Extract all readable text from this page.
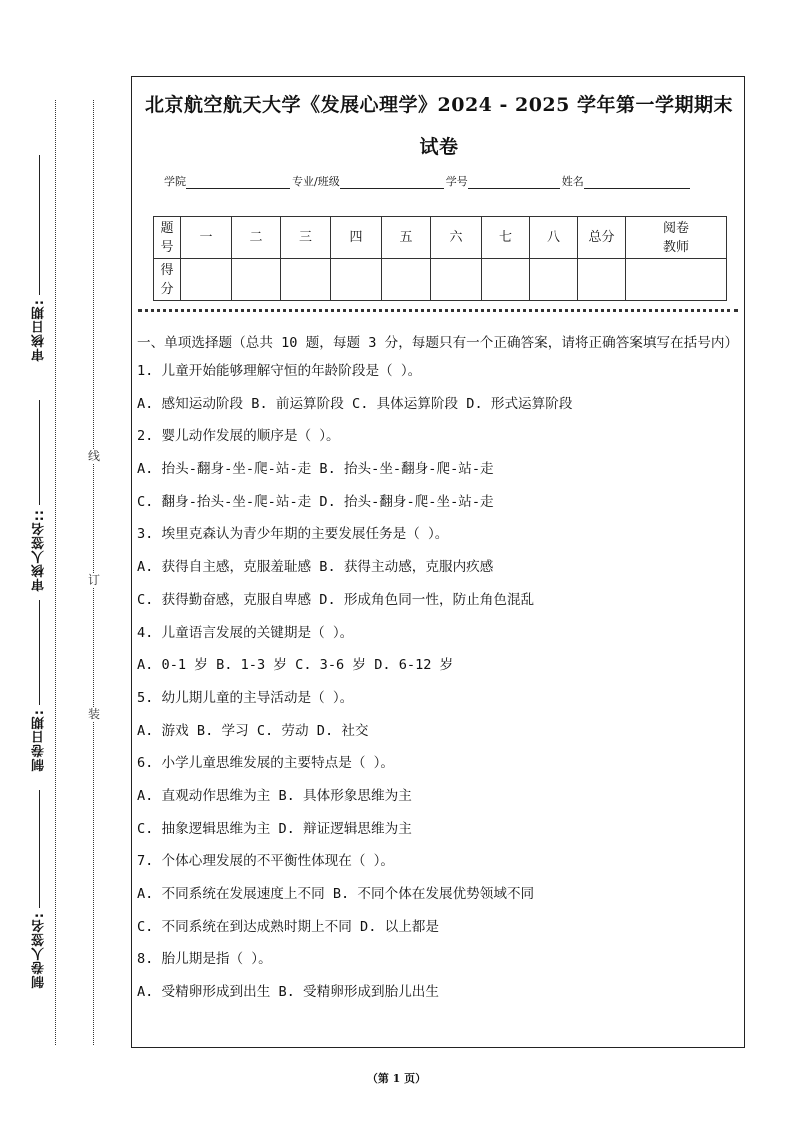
审核日期:
审核人签名::
制卷日期:
制卷人签名:
线
订
装
北京航空航天大学《发展心理学》2024 - 2025 学年第一学期期末
试卷
学院	专业/班级	学号	姓名
题号	一	二	三	四	五	六	七	八	总分	阅卷教师
得分										
一、单项选择题（总共 10 题，每题 3 分，每题只有一个正确答案，请将正确答案填写在括号内）
1. 儿童开始能够理解守恒的年龄阶段是（ ）。
A. 感知运动阶段 B. 前运算阶段 C. 具体运算阶段 D. 形式运算阶段
2. 婴儿动作发展的顺序是（ ）。
A. 抬头-翻身-坐-爬-站-走 B. 抬头-坐-翻身-爬-站-走
C. 翻身-抬头-坐-爬-站-走 D. 抬头-翻身-爬-坐-站-走
3. 埃里克森认为青少年期的主要发展任务是（ ）。
A. 获得自主感，克服羞耻感 B. 获得主动感，克服内疚感
C. 获得勤奋感，克服自卑感 D. 形成角色同一性，防止角色混乱
4. 儿童语言发展的关键期是（ ）。
A. 0-1 岁 B. 1-3 岁 C. 3-6 岁 D. 6-12 岁
5. 幼儿期儿童的主导活动是（ ）。
A. 游戏 B. 学习 C. 劳动 D. 社交
6. 小学儿童思维发展的主要特点是（ ）。
A. 直观动作思维为主 B. 具体形象思维为主
C. 抽象逻辑思维为主 D. 辩证逻辑思维为主
7. 个体心理发展的不平衡性体现在（ ）。
A. 不同系统在发展速度上不同 B. 不同个体在发展优势领域不同
C. 不同系统在到达成熟时期上不同 D. 以上都是
8. 胎儿期是指（ ）。
A. 受精卵形成到出生 B. 受精卵形成到胎儿出生
（第 1 页）
